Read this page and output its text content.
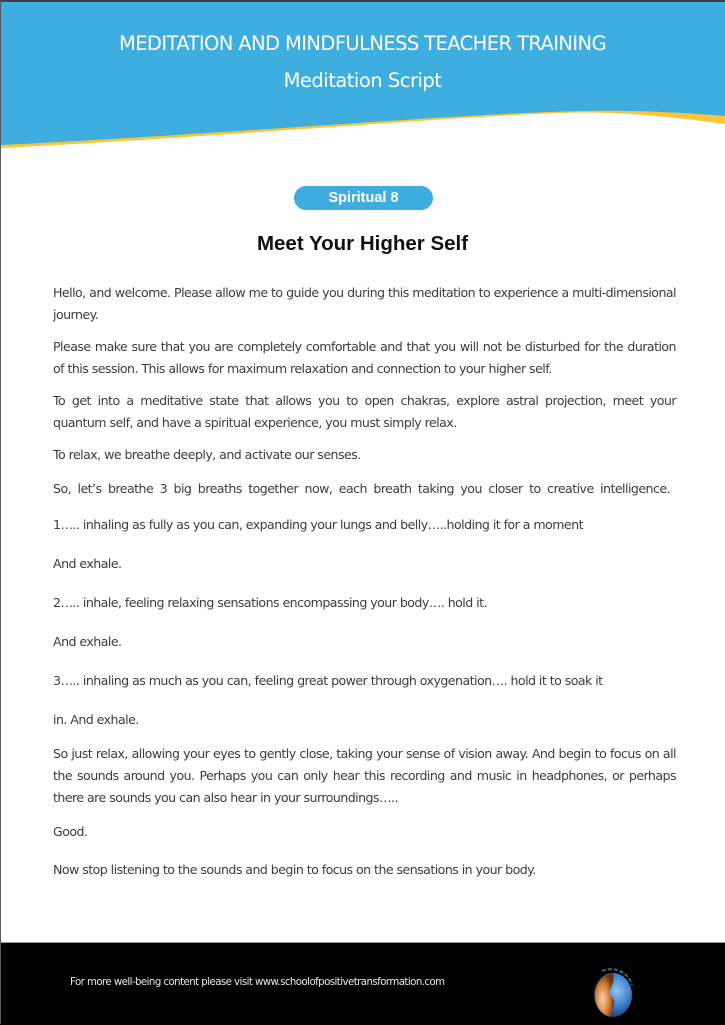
MEDITATION AND MINDFULNESS TEACHER TRAINING
Meditation Script
Spiritual 8
Meet Your Higher Self

Hello, and welcome. Please allow me to guide you during this meditation to experience a multi-dimensional journey.

Please make sure that you are completely comfortable and that you will not be disturbed for the duration of this session. This allows for maximum relaxation and connection to your higher self.

To get into a meditative state that allows you to open chakras, explore astral projection, meet your quantum self, and have a spiritual experience, you must simply relax.

To relax, we breathe deeply, and activate our senses.

So, let’s breathe 3 big breaths together now, each breath taking you closer to creative intelligence.

1….. inhaling as fully as you can, expanding your lungs and belly…..holding it for a moment

And exhale.

2….. inhale, feeling relaxing sensations encompassing your body…. hold it.

And exhale.

3….. inhaling as much as you can, feeling great power through oxygenation…. hold it to soak it

in. And exhale.

So just relax, allowing your eyes to gently close, taking your sense of vision away. And begin to focus on all the sounds around you. Perhaps you can only hear this recording and music in headphones, or perhaps there are sounds you can also hear in your surroundings…..

Good.

Now stop listening to the sounds and begin to focus on the sensations in your body.

For more well-being content please visit www.schoolofpositivetransformation.com
